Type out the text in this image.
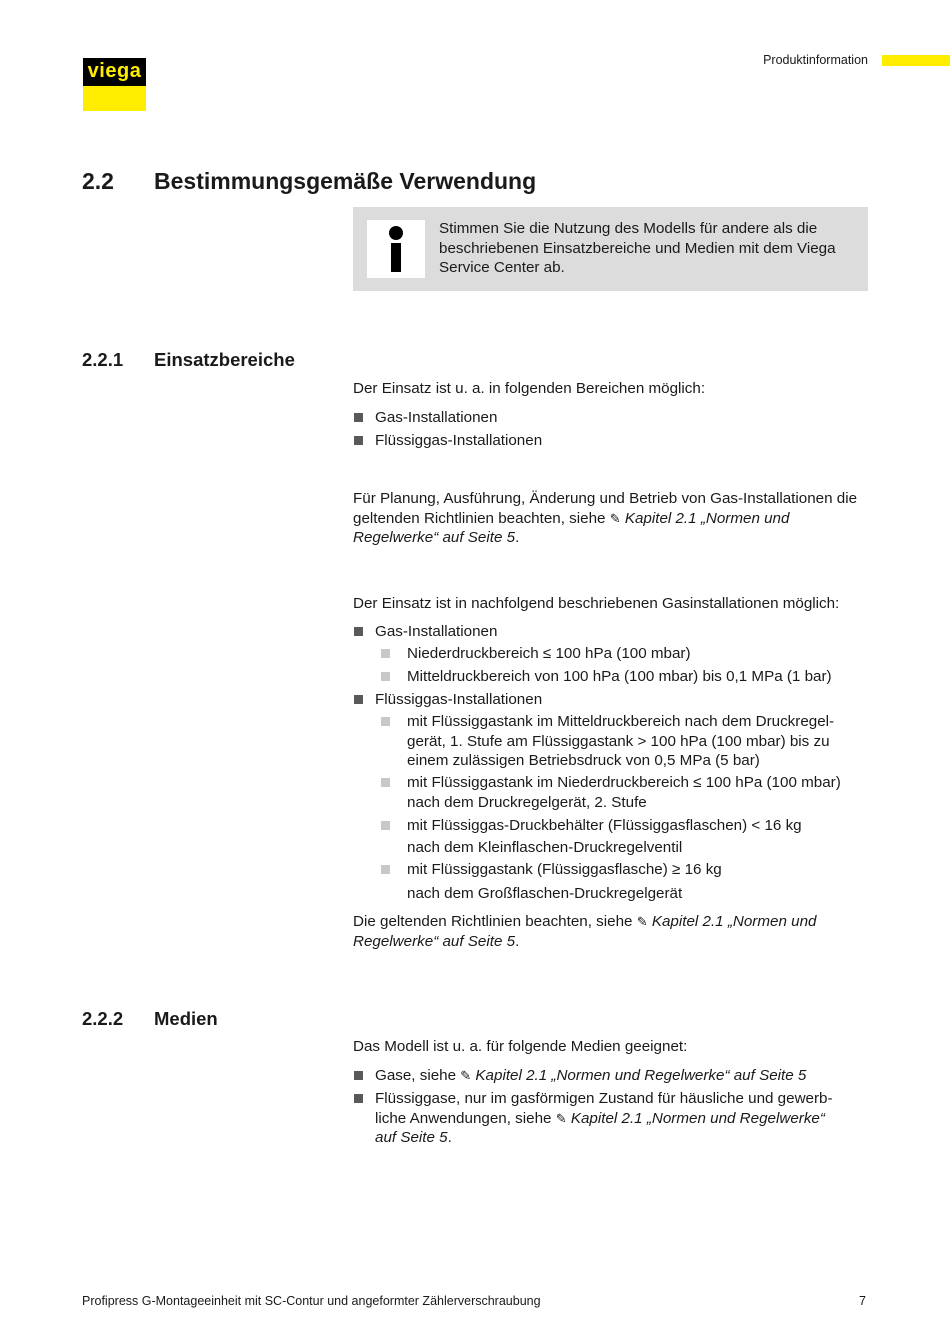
viega	Produktinformation
2.2 Bestimmungsgemäße Verwendung
Stimmen Sie die Nutzung des Modells für andere als die beschriebenen Einsatzbereiche und Medien mit dem Viega Service Center ab.
2.2.1 Einsatzbereiche
Der Einsatz ist u. a. in folgenden Bereichen möglich:
Gas-Installationen
Flüssiggas-Installationen
Für Planung, Ausführung, Änderung und Betrieb von Gas-Installationen die geltenden Richtlinien beachten, siehe ✎ Kapitel 2.1 „Normen und
Regelwerke“ auf Seite 5.
Der Einsatz ist in nachfolgend beschriebenen Gasinstallationen möglich:
Gas-Installationen
Niederdruckbereich ≤ 100 hPa (100 mbar)
Mitteldruckbereich von 100 hPa (100 mbar) bis 0,1 MPa (1 bar)
Flüssiggas-Installationen
mit Flüssiggastank im Mitteldruckbereich nach dem Druckregel-
gerät, 1. Stufe am Flüssiggastank > 100 hPa (100 mbar) bis zu
einem zulässigen Betriebsdruck von 0,5 MPa (5 bar)
mit Flüssiggastank im Niederdruckbereich ≤ 100 hPa (100 mbar)
nach dem Druckregelgerät, 2. Stufe
mit Flüssiggas-Druckbehälter (Flüssiggasflaschen) < 16 kg
nach dem Kleinflaschen-Druckregelventil
mit Flüssiggastank (Flüssiggasflasche) ≥ 16 kg
nach dem Großflaschen-Druckregelgerät
Die geltenden Richtlinien beachten, siehe ✎ Kapitel 2.1 „Normen und
Regelwerke“ auf Seite 5.
2.2.2 Medien
Das Modell ist u. a. für folgende Medien geeignet:
Gase, siehe ✎ Kapitel 2.1 „Normen und Regelwerke“ auf Seite 5
Flüssiggase, nur im gasförmigen Zustand für häusliche und gewerb-
liche Anwendungen, siehe ✎ Kapitel 2.1 „Normen und Regelwerke“
auf Seite 5.
Profipress G-Montageeinheit mit SC-Contur und angeformter Zählerverschraubung	7
